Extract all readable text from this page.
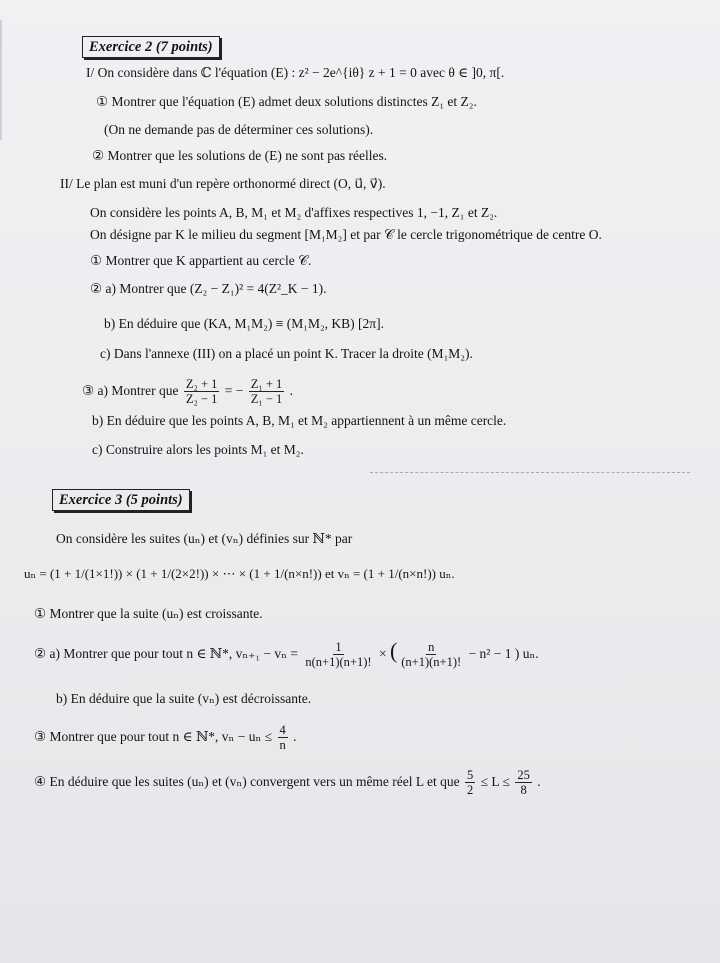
Exercice 2 (7 points)
I/ On considère dans ℂ l'équation (E) : z² − 2e^{iθ} z + 1 = 0 avec θ ∈ ]0, π[.
① Montrer que l'équation (E) admet deux solutions distinctes Z₁ et Z₂.
(On ne demande pas de déterminer ces solutions).
② Montrer que les solutions de (E) ne sont pas réelles.
II/ Le plan est muni d'un repère orthonormé direct (O, u⃗, v⃗).
On considère les points A, B, M₁ et M₂ d'affixes respectives 1, −1, Z₁ et Z₂.
On désigne par K le milieu du segment [M₁M₂] et par 𝒞 le cercle trigonométrique de centre O.
① Montrer que K appartient au cercle 𝒞.
② a) Montrer que (Z₂ − Z₁)² = 4(Z²_K − 1).
b) En déduire que (KA, M₁M₂) ≡ (M₁M₂, KB) [2π].
c) Dans l'annexe (III) on a placé un point K. Tracer la droite (M₁M₂).
③ a) Montrer que $\frac{\text{Z₂ + 1}}{\text{Z₂ − 1}}$ = − $\frac{\text{Z₁ + 1}}{\text{Z₁ − 1}}$ .
b) En déduire que les points A, B, M₁ et M₂ appartiennent à un même cercle.
c) Construire alors les points M₁ et M₂.
Exercice 3 (5 points)
On considère les suites (uₙ) et (vₙ) définies sur ℕ* par
uₙ = (1 + 1/(1×1!)) × (1 + 1/(2×2!)) × ⋯ × (1 + 1/(n×n!)) et vₙ = (1 + 1/(n×n!)) uₙ.
① Montrer que la suite (uₙ) est croissante.
② a) Montrer que pour tout n ∈ ℕ*, $v_{n+1} - v_n = \frac{1}{n(n+1)(n+1)!}$ × ( $\frac{n}{(n+1)(n+1)!} - n^2 - 1$ ) uₙ.
b) En déduire que la suite (vₙ) est décroissante.
③ Montrer que pour tout n ∈ ℕ*, $v_n - u_n \le \frac{4}{n}$ .
④ En déduire que les suites (uₙ) et (vₙ) convergent vers un même réel L et que $\frac{5}{2} \le L \le \frac{25}{8}$ .
